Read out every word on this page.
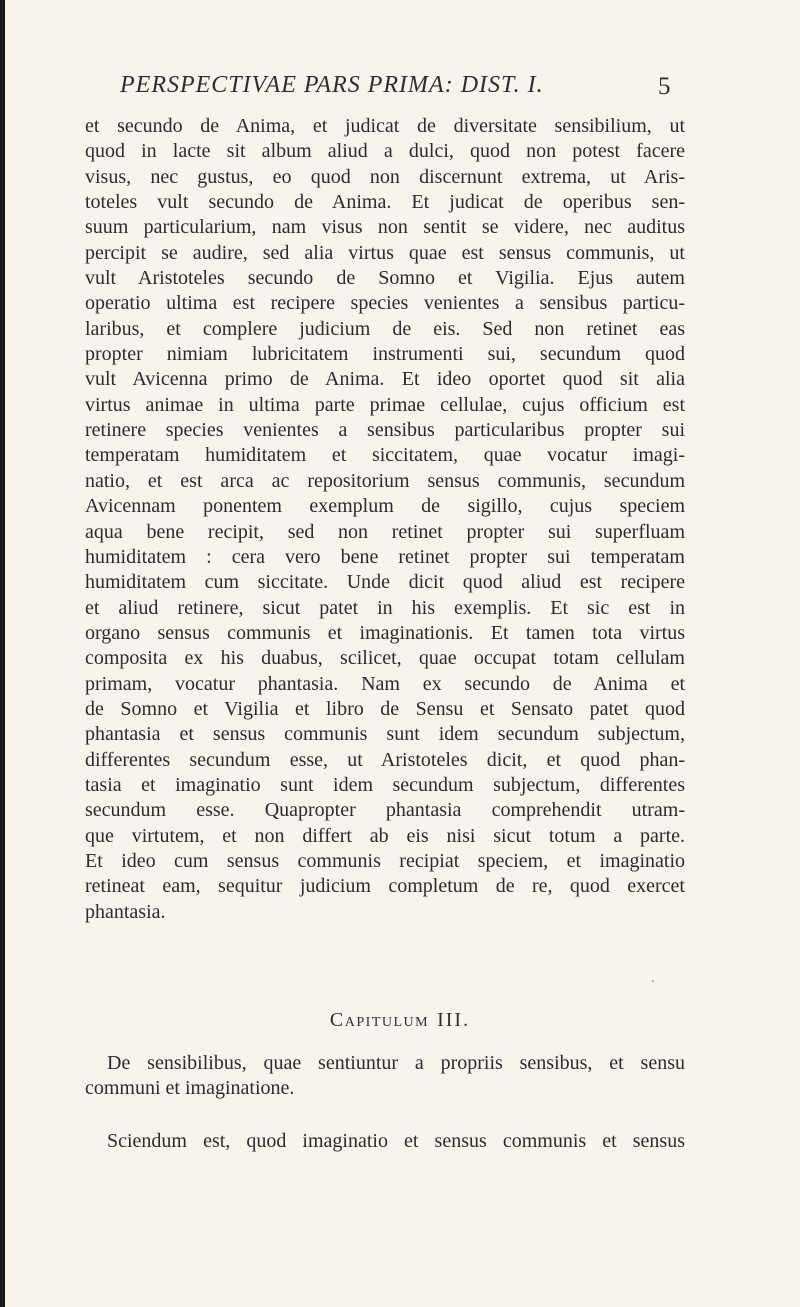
PERSPECTIVAE PARS PRIMA: DIST. I.	5
et secundo de Anima, et judicat de diversitate sensibilium, ut
quod in lacte sit album aliud a dulci, quod non potest facere
visus, nec gustus, eo quod non discernunt extrema, ut Aris-
toteles vult secundo de Anima. Et judicat de operibus sen-
suum particularium, nam visus non sentit se videre, nec auditus
percipit se audire, sed alia virtus quae est sensus communis, ut
vult Aristoteles secundo de Somno et Vigilia. Ejus autem
operatio ultima est recipere species venientes a sensibus particu-
laribus, et complere judicium de eis. Sed non retinet eas
propter nimiam lubricitatem instrumenti sui, secundum quod
vult Avicenna primo de Anima. Et ideo oportet quod sit alia
virtus animae in ultima parte primae cellulae, cujus officium est
retinere species venientes a sensibus particularibus propter sui
temperatam humiditatem et siccitatem, quae vocatur imagi-
natio, et est arca ac repositorium sensus communis, secundum
Avicennam ponentem exemplum de sigillo, cujus speciem
aqua bene recipit, sed non retinet propter sui superfluam
humiditatem : cera vero bene retinet propter sui temperatam
humiditatem cum siccitate. Unde dicit quod aliud est recipere
et aliud retinere, sicut patet in his exemplis. Et sic est in
organo sensus communis et imaginationis. Et tamen tota virtus
composita ex his duabus, scilicet, quae occupat totam cellulam
primam, vocatur phantasia. Nam ex secundo de Anima et
de Somno et Vigilia et libro de Sensu et Sensato patet quod
phantasia et sensus communis sunt idem secundum subjectum,
differentes secundum esse, ut Aristoteles dicit, et quod phan-
tasia et imaginatio sunt idem secundum subjectum, differentes
secundum esse. Quapropter phantasia comprehendit utram-
que virtutem, et non differt ab eis nisi sicut totum a parte.
Et ideo cum sensus communis recipiat speciem, et imaginatio
retineat eam, sequitur judicium completum de re, quod exercet
phantasia.
Capitulum III.
De sensibilibus, quae sentiuntur a propriis sensibus, et sensu
communi et imaginatione.
Sciendum est, quod imaginatio et sensus communis et sensus
